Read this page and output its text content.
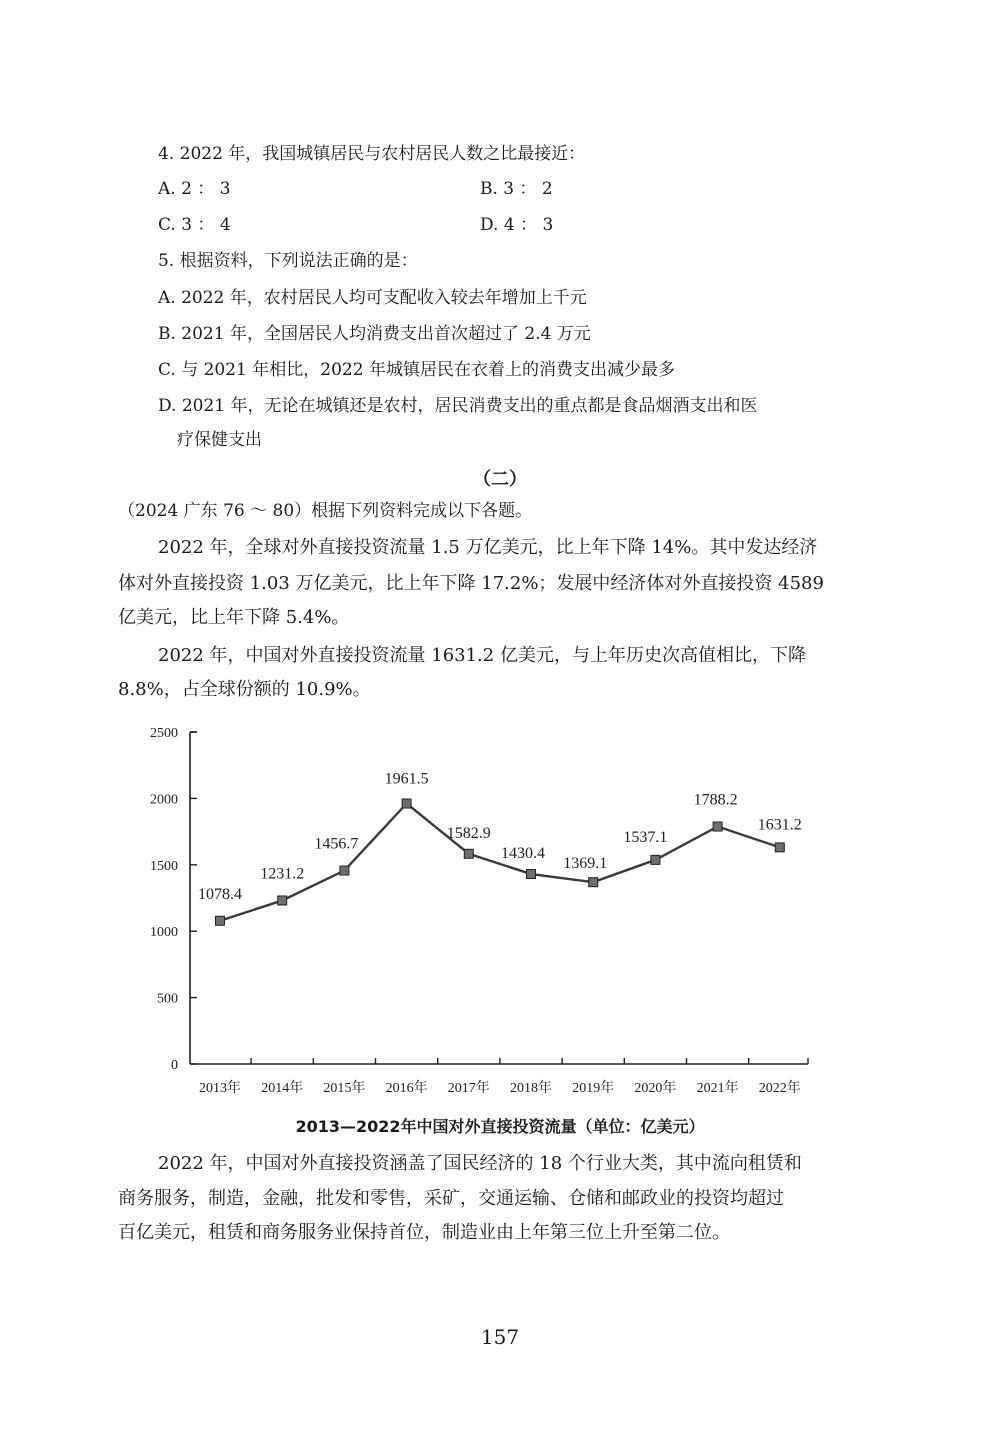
4. 2022 年，我国城镇居民与农村居民人数之比最接近：
A. 2 ： 3	B. 3 ： 2
C. 3 ： 4	D. 4 ： 3
5. 根据资料，下列说法正确的是：
A. 2022 年，农村居民人均可支配收入较去年增加上千元
B. 2021 年，全国居民人均消费支出首次超过了 2.4 万元
C. 与 2021 年相比，2022 年城镇居民在衣着上的消费支出减少最多
D. 2021 年，无论在城镇还是农村，居民消费支出的重点都是食品烟酒支出和医
疗保健支出
（二）
（2024 广东 76 ～ 80）根据下列资料完成以下各题。
2022 年，全球对外直接投资流量 1.5 万亿美元，比上年下降 14%。其中发达经济
体对外直接投资 1.03 万亿美元，比上年下降 17.2%；发展中经济体对外直接投资 4589
亿美元，比上年下降 5.4%。
2022 年，中国对外直接投资流量 1631.2 亿美元，与上年历史次高值相比，下降
8.8%，占全球份额的 10.9%。
0
500
1000
1500
2000
2500
2013年 2014年 2015年 2016年 2017年 2018年 2019年 2020年 2021年 2022年
1078.4
1231.2
1456.7
1961.5
1582.9
1430.4
1369.1
1537.1
1788.2
1631.2
2013—2022年中国对外直接投资流量（单位：亿美元）
2022 年，中国对外直接投资涵盖了国民经济的 18 个行业大类，其中流向租赁和
商务服务，制造，金融，批发和零售，采矿，交通运输、仓储和邮政业的投资均超过
百亿美元，租赁和商务服务业保持首位，制造业由上年第三位上升至第二位。
157
